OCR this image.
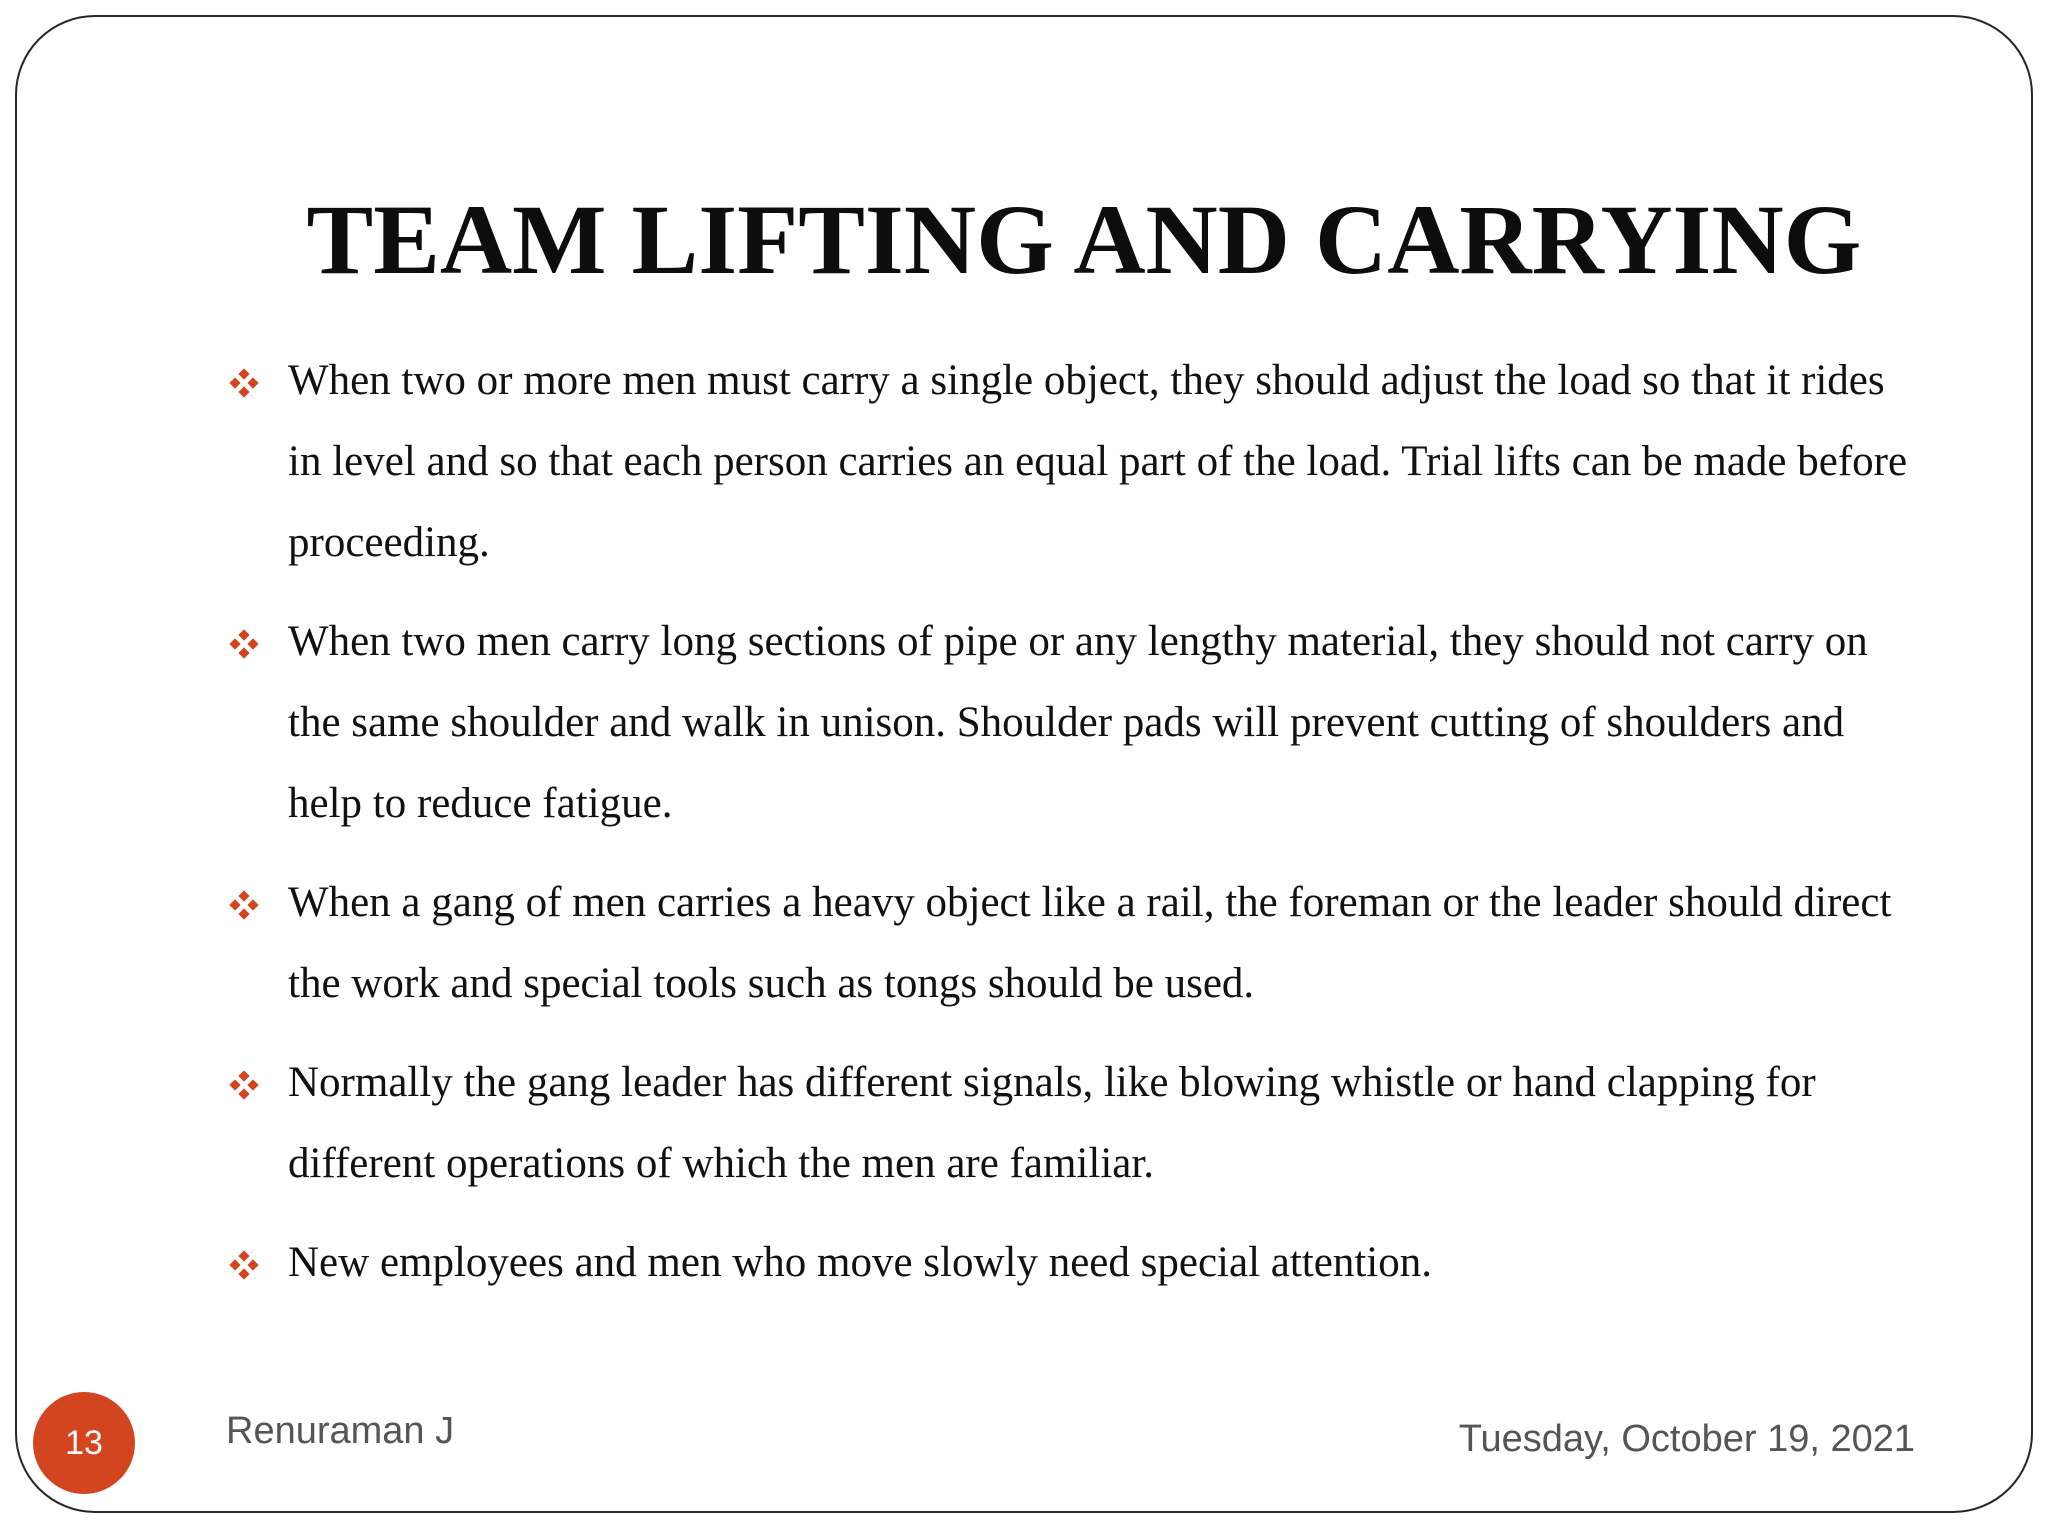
TEAM LIFTING AND CARRYING
When two or more men must carry a single object, they should adjust the load so that it rides in level and so that each person carries an equal part of the load. Trial lifts can be made before proceeding.
When two men carry long sections of pipe or any lengthy material, they should not carry on the same shoulder and walk in unison. Shoulder pads will prevent cutting of shoulders and help to reduce fatigue.
When a gang of men carries a heavy object like a rail, the foreman or the leader should direct the work and special tools such as tongs should be used.
Normally the gang leader has different signals, like blowing whistle or hand clapping for different operations of which the men are familiar.
New employees and men who move slowly need special attention.
13	Renuraman J	Tuesday, October 19, 2021
